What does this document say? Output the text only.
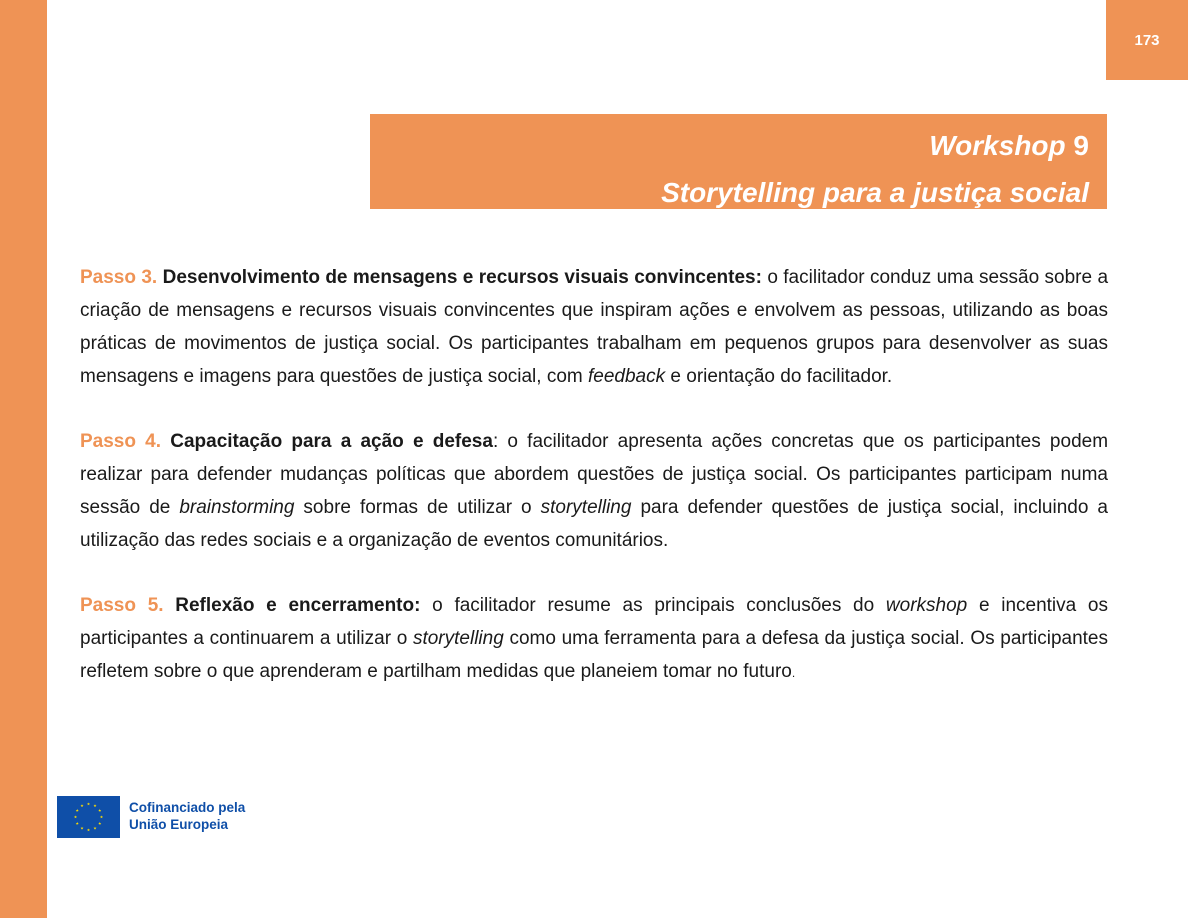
173
Workshop 9
Storytelling para a justiça social

Passo 3. Desenvolvimento de mensagens e recursos visuais convincentes: o facilitador conduz uma sessão sobre a criação de mensagens e recursos visuais convincentes que inspiram ações e envolvem as pessoas, utilizando as boas práticas de movimentos de justiça social. Os participantes trabalham em pequenos grupos para desenvolver as suas mensagens e imagens para questões de justiça social, com feedback e orientação do facilitador.

Passo 4. Capacitação para a ação e defesa: o facilitador apresenta ações concretas que os participantes podem realizar para defender mudanças políticas que abordem questões de justiça social. Os participantes participam numa sessão de brainstorming sobre formas de utilizar o storytelling para defender questões de justiça social, incluindo a utilização das redes sociais e a organização de eventos comunitários.

Passo 5. Reflexão e encerramento: o facilitador resume as principais conclusões do workshop e incentiva os participantes a continuarem a utilizar o storytelling como uma ferramenta para a defesa da justiça social. Os participantes refletem sobre o que aprenderam e partilham medidas que planeiem tomar no futuro.

Cofinanciado pela
União Europeia
